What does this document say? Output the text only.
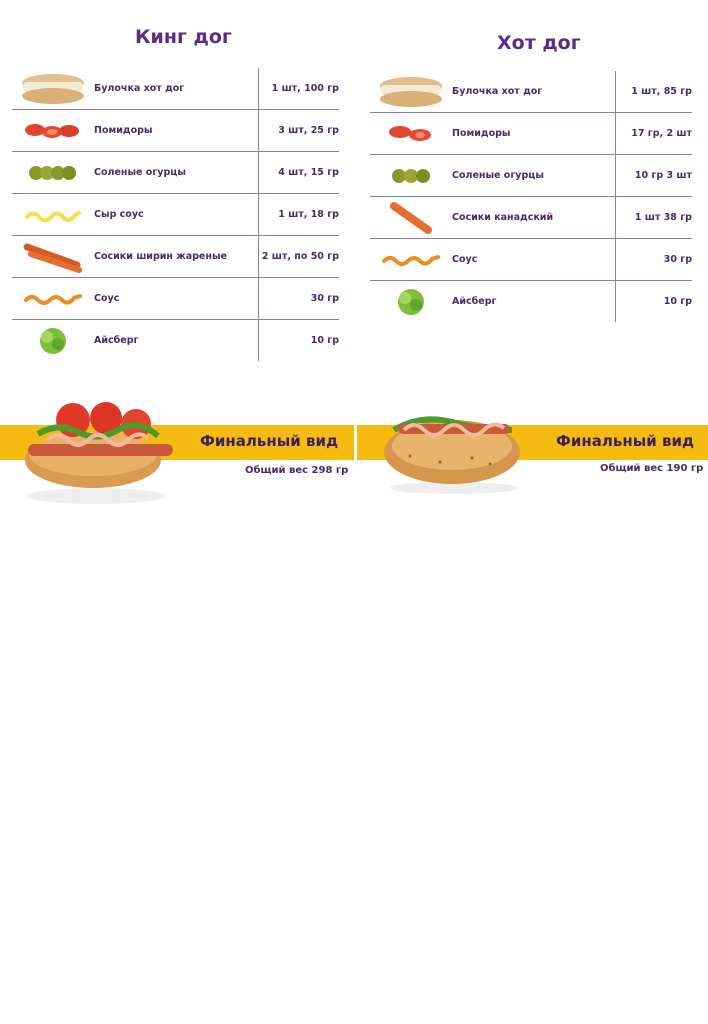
Кинг дог
	Булочка хот дог	1 шт, 100 гр

	Помидоры	3 шт, 25 гр

	Соленые огурцы	4 шт, 15 гр

	Сыр соус	1 шт, 18 гр

	Сосики ширин жареные	2 шт, по 50 гр

	Соус	30 гр

	Айсберг	10 гр
Хот дог
	Булочка хот дог	1 шт, 85 гр

	Помидоры	17 гр, 2 шт

	Соленые огурцы	10 гр 3 шт

	Сосики канадский	1 шт 38 гр

	Соус	30 гр

	Айсберг	10 гр
Финальный вид
Общий вес 298 гр
Финальный вид
Общий вес 190 гр
